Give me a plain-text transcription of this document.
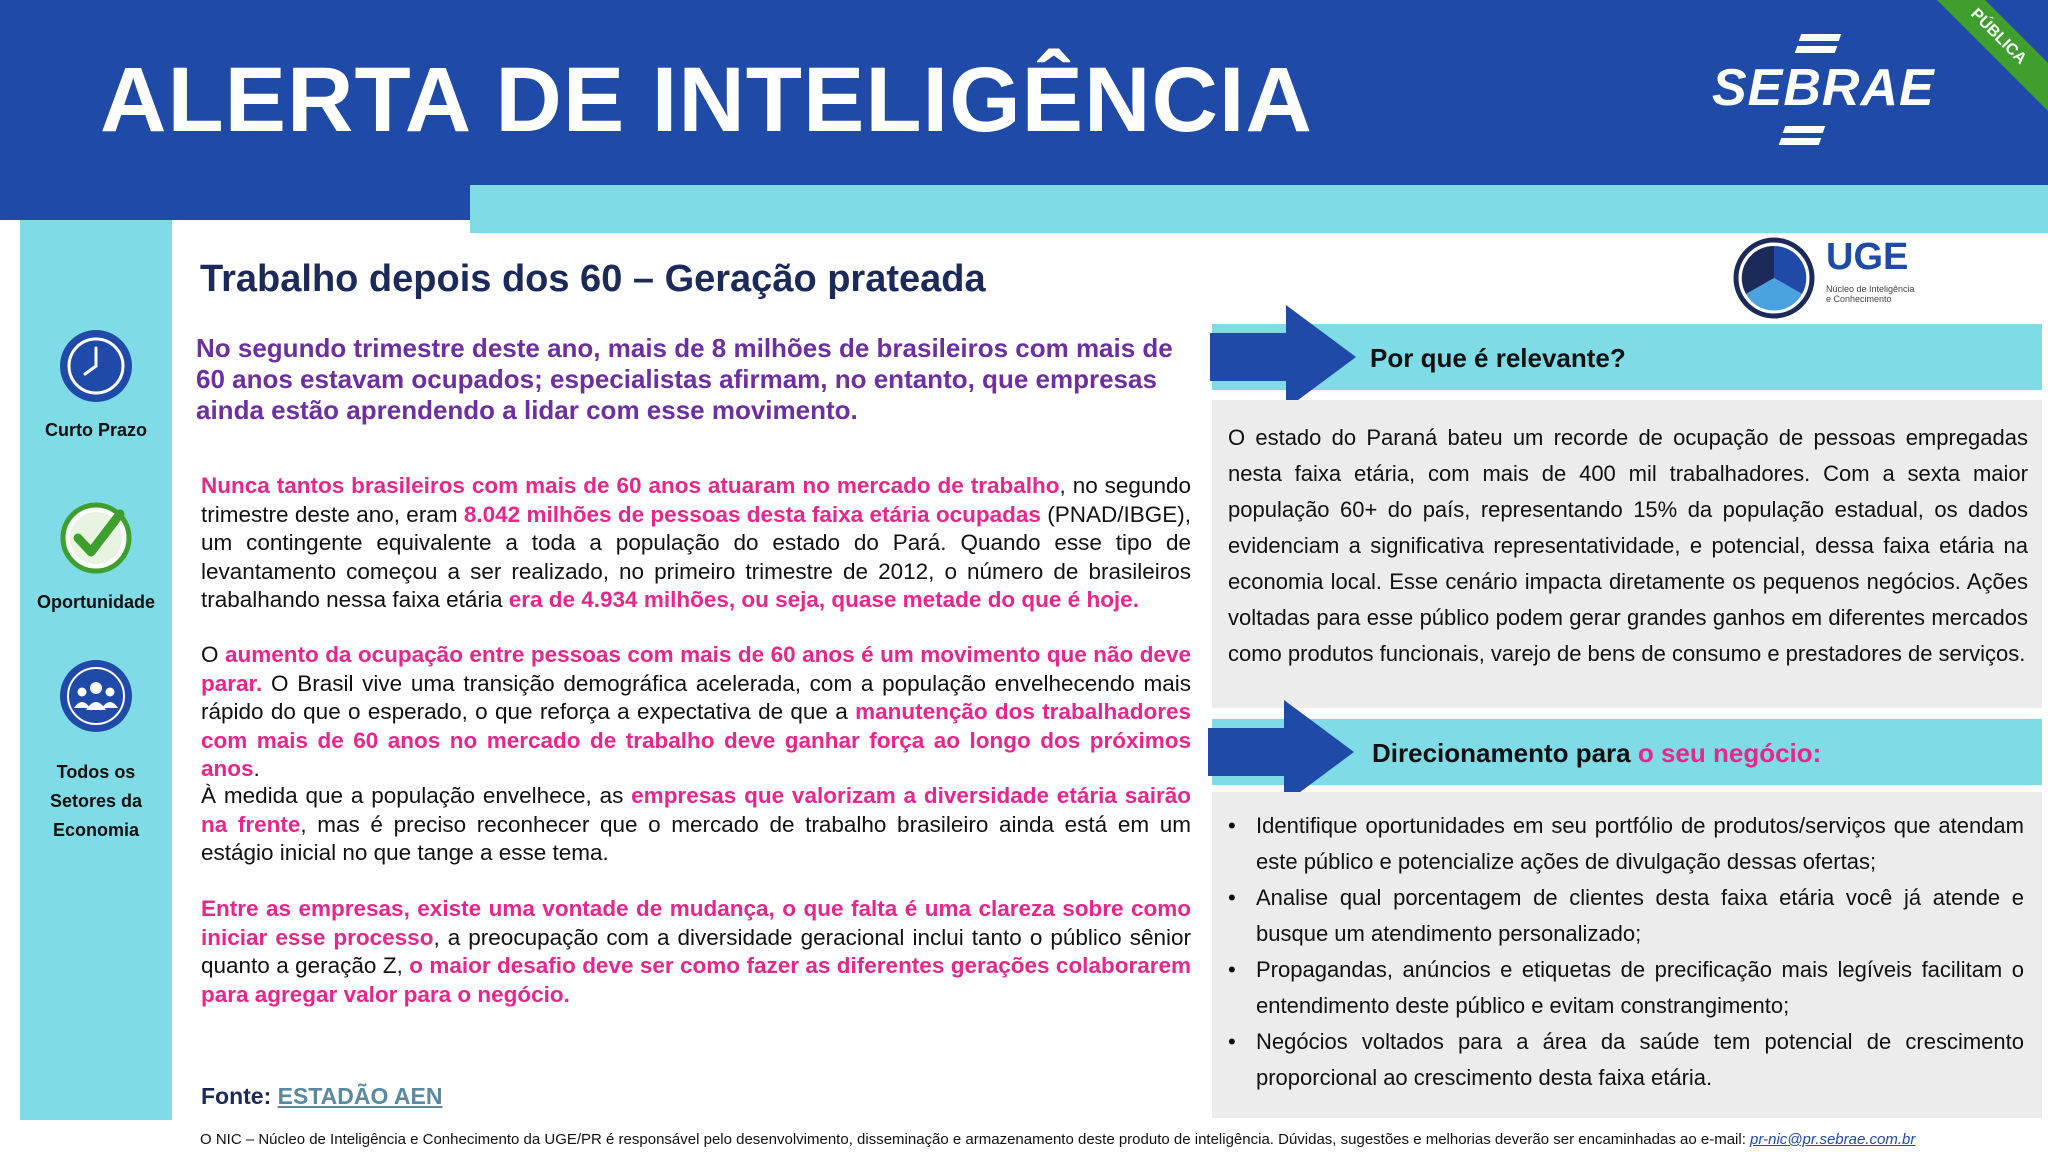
ALERTA DE INTELIGÊNCIA	SEBRAE
PÚBLICA
Curto Prazo
Oportunidade
Todos os
Setores da
Economia
Trabalho depois dos 60 – Geração prateada
No segundo trimestre deste ano, mais de 8 milhões de brasileiros com mais de 60 anos estavam ocupados; especialistas afirmam, no entanto, que empresas ainda estão aprendendo a lidar com esse movimento.
Nunca tantos brasileiros com mais de 60 anos atuaram no mercado de trabalho, no segundo trimestre deste ano, eram 8.042 milhões de pessoas desta faixa etária ocupadas (PNAD/IBGE), um contingente equivalente a toda a população do estado do Pará. Quando esse tipo de levantamento começou a ser realizado, no primeiro trimestre de 2012, o número de brasileiros trabalhando nessa faixa etária era de 4.934 milhões, ou seja, quase metade do que é hoje.
O aumento da ocupação entre pessoas com mais de 60 anos é um movimento que não deve parar. O Brasil vive uma transição demográfica acelerada, com a população envelhecendo mais rápido do que o esperado, o que reforça a expectativa de que a manutenção dos trabalhadores com mais de 60 anos no mercado de trabalho deve ganhar força ao longo dos próximos anos.
À medida que a população envelhece, as empresas que valorizam a diversidade etária sairão na frente, mas é preciso reconhecer que o mercado de trabalho brasileiro ainda está em um estágio inicial no que tange a esse tema.
Entre as empresas, existe uma vontade de mudança, o que falta é uma clareza sobre como iniciar esse processo, a preocupação com a diversidade geracional inclui tanto o público sênior quanto a geração Z, o maior desafio deve ser como fazer as diferentes gerações colaborarem para agregar valor para o negócio.
Fonte: ESTADÃO AEN
UGE
Núcleo de Inteligência e Conhecimento
Por que é relevante?
O estado do Paraná bateu um recorde de ocupação de pessoas empregadas nesta faixa etária, com mais de 400 mil trabalhadores. Com a sexta maior população 60+ do país, representando 15% da população estadual, os dados evidenciam a significativa representatividade, e potencial, dessa faixa etária na economia local. Esse cenário impacta diretamente os pequenos negócios. Ações voltadas para esse público podem gerar grandes ganhos em diferentes mercados como produtos funcionais, varejo de bens de consumo e prestadores de serviços.
Direcionamento para o seu negócio:
• Identifique oportunidades em seu portfólio de produtos/serviços que atendam este público e potencialize ações de divulgação dessas ofertas;
• Analise qual porcentagem de clientes desta faixa etária você já atende e busque um atendimento personalizado;
• Propagandas, anúncios e etiquetas de precificação mais legíveis facilitam o entendimento deste público e evitam constrangimento;
• Negócios voltados para a área da saúde tem potencial de crescimento proporcional ao crescimento desta faixa etária.
O NIC – Núcleo de Inteligência e Conhecimento da UGE/PR é responsável pelo desenvolvimento, disseminação e armazenamento deste produto de inteligência. Dúvidas, sugestões e melhorias deverão ser encaminhadas ao e-mail: pr-nic@pr.sebrae.com.br
